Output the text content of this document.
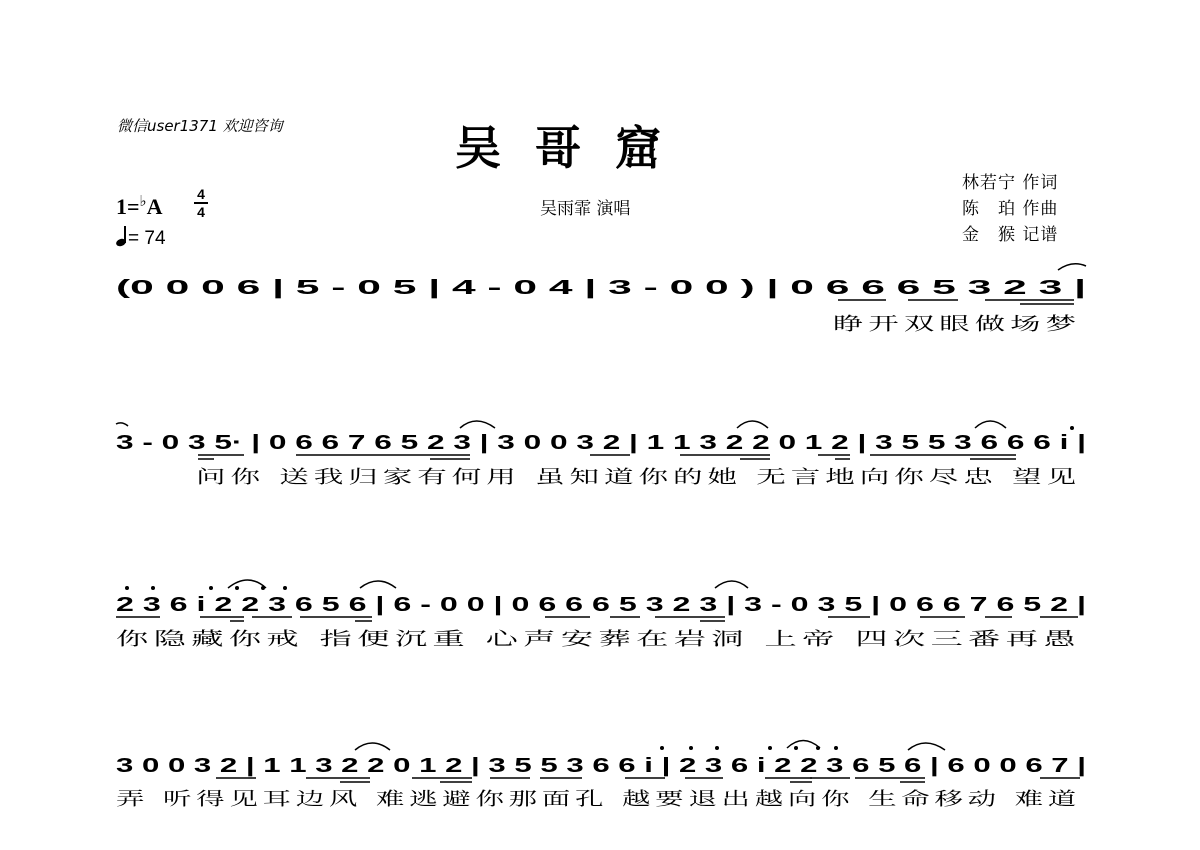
微信user1371 欢迎咨询	吴哥窟
吴雨霏 演唱
林若宁 作词
陈　珀 作曲
金　猴 记谱
1=♭A 4
4
= 74
(0 0 0 6 | 5 - 0 5 | 4 - 0 4 | 3 - 0 0 ) | 0 6 6 6 5 3 2 3 |
睁开双眼做场梦
3 - 0 3 5· | 0 6 6 7 6 5 2 3 | 3 0 0 3 2 | 1 1 3 2 2 0 1 2 | 3 5 5 3 6 6 6 i |
问你 送我归家有何用 虽知道你的她 无言地向你尽忠 望见
2 3 6 i 2 2 3 6 5 6 | 6 - 0 0 | 0 6 6 6 5 3 2 3 | 3 - 0 3 5 | 0 6 6 7 6 5 2 |
你隐藏你戒 指便沉重 心声安葬在岩洞 上帝 四次三番再愚
3 0 0 3 2 | 1 1 3 2 2 0 1 2 | 3 5 5 3 6 6 i | 2 3 6 i 2 2 3 6 5 6 | 6 0 0 6 7 |
弄 听得见耳边风 难逃避你那面孔 越要退出越向你 生命移动 难道
